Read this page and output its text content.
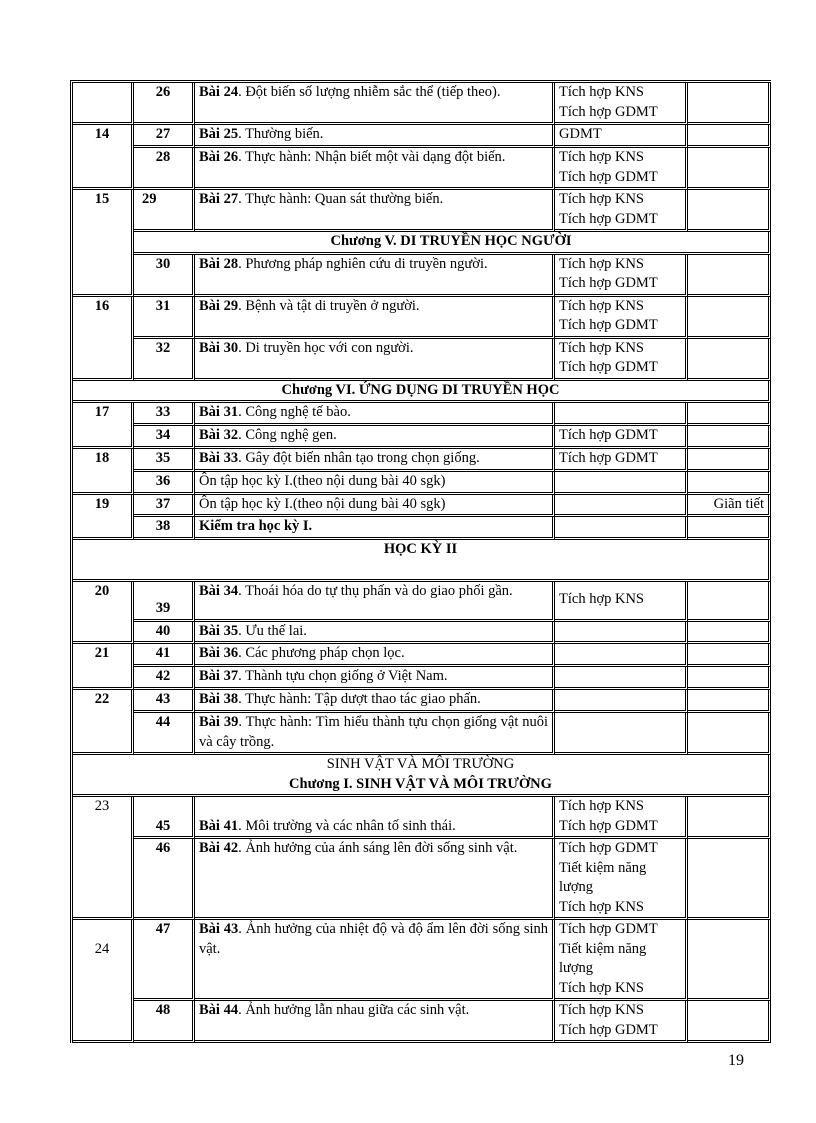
	26	Bài 24. Đột biến số lượng nhiễm sắc thể (tiếp theo).	Tích hợp KNS
Tích hợp GDMT	

14	27	Bài 25. Thường biến.	GDMT	

	28	Bài 26. Thực hành: Nhận biết một vài dạng đột biến.	Tích hợp KNS
Tích hợp GDMT	

15	29	Bài 27. Thực hành: Quan sát thường biến.	Tích hợp KNS
Tích hợp GDMT	

	Chương V. DI TRUYỀN HỌC NGƯỜI			
	30	Bài 28. Phương pháp nghiên cứu di truyền người.	Tích hợp KNS
Tích hợp GDMT	

16	31	Bài 29. Bệnh và tật di truyền ở người.	Tích hợp KNS
Tích hợp GDMT	

	32	Bài 30. Di truyền học với con người.	Tích hợp KNS
Tích hợp GDMT	

Chương VI. ỨNG DỤNG DI TRUYỀN HỌC				
17	33	Bài 31. Công nghệ tế bào.		
	34	Bài 32. Công nghệ gen.	Tích hợp GDMT	

18	35	Bài 33. Gây đột biến nhân tạo trong chọn giống.	Tích hợp GDMT	

	36	Ôn tập học kỳ I.(theo nội dung bài 40 sgk)		
19	37	Ôn tập học kỳ I.(theo nội dung bài 40 sgk)		Giãn tiết
	38	Kiểm tra học kỳ I.		
HỌC KỲ II				
20	39	Bài 34. Thoái hóa do tự thụ phấn và do giao phối gần.	Tích hợp KNS	

	40	Bài 35. Ưu thế lai.		
21	41	Bài 36. Các phương pháp chọn lọc.		
	42	Bài 37. Thành tựu chọn giống ở Việt Nam.		
22	43	Bài 38. Thực hành: Tập dượt thao tác giao phấn.		
	44	Bài 39. Thực hành: Tìm hiểu thành tựu chọn giống vật nuôi và cây trồng.		

SINH VẬT VÀ MÔI TRƯỜNG
Chương I. SINH VẬT VÀ MÔI TRƯỜNG				

23	45	Bài 41. Môi trường và các nhân tố sinh thái.	Tích hợp KNS
Tích hợp GDMT	

	46	Bài 42. Ảnh hưởng của ánh sáng lên đời sống sinh vật.	Tích hợp GDMT
Tiết kiệm năng lượng
Tích hợp KNS	

24	47	Bài 43. Ảnh hưởng của nhiệt độ và độ ẩm lên đời sống sinh vật.	Tích hợp GDMT
Tiết kiệm năng
lượng
Tích hợp KNS	

	48	Bài 44. Ảnh hưởng lẫn nhau giữa các sinh vật.	Tích hợp KNS
Tích hợp GDMT	

19
